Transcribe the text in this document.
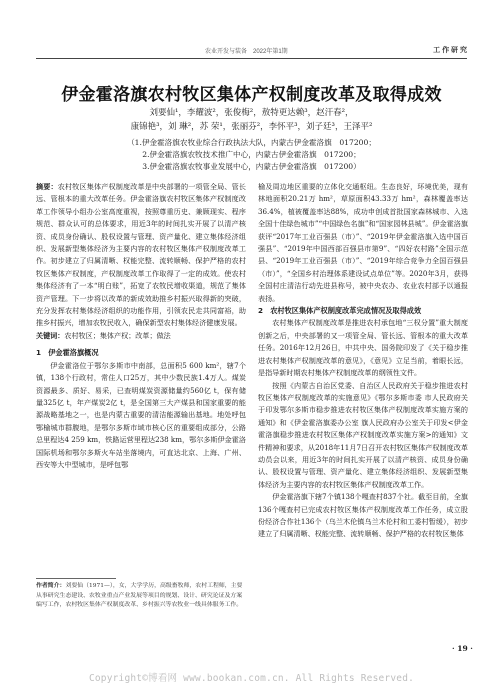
农业开发与装备　2022年第1期	工 作 研 究
伊金霍洛旗农村牧区集体产权制度改革及取得成效
刘要仙¹，李耀波²，张俊梅²，敖特更达赖³，赵汗春²，
康锦艳³，刘 琳²，苏 荣¹，张丽芬²，李怀平³，刘子廷³，王泽平²
（1.伊金霍洛旗农牧业综合行政执法大队，内蒙古伊金霍洛旗　017200；
2.伊金霍洛旗农牧技术推广中心，内蒙古伊金霍洛旗　017200；
3.伊金霍洛旗农牧事业发展中心，内蒙古伊金霍洛旗　017200）

摘要：农村牧区集体产权制度改革是中央部署的一项管全局、管长远、管根本的重大改革任务。伊金霍洛旗农村牧区集体产权制度改革工作领导小组办公室高度重视，按照尊重历史、兼顾现实、程序规范、群众认可的总体要求，用近3年的时间扎实开展了以清产核资、成员身份确认、股权设置与管理、资产量化、建立集体经济组织、发展新型集体经济为主要内容的农村牧区集体产权制度改革工作。初步建立了归属清晰、权能完整、流转顺畅、保护严格的农村牧区集体产权制度，产权制度改革工作取得了一定的成效。使农村集体经济有了一本“明白账”，拓宽了农牧民增收渠道，规范了集体资产管理。下一步将以改革的新成效助推乡村振兴取得新的突破，充分发挥农村集体经济组织的功能作用，引领农民走共同富裕，助推乡村振兴，增加农牧民收入，确保新型农村集体经济健康发展。

关键词：农村牧区；集体产权；改革；做法

1　伊金霍洛旗概况

伊金霍洛位于鄂尔多斯市中南部，总面积5 600 km²，辖7个镇，138个行政村，常住人口25万，其中少数民族1.4万人。煤炭资源最多、质好、易采，已查明煤炭资源储量约560亿 t，保有储量325亿 t，年产煤炭2亿 t，是全国第三大产煤县和国家重要的能源战略基地之一，也是内蒙古重要的清洁能源输出基地。地处呼包鄂榆城市群腹地，是鄂尔多斯市域市核心区的重要组成部分，公路总里程达4 259 km，铁路运营里程达238 km，鄂尔多斯伊金霍洛国际机场和鄂尔多斯火车站坐落境内，可直达北京、上海、广州、西安等大中型城市，是呼包鄂

榆及周边地区重要的立体化交通枢纽。生态良好，环境优美，现有林地面积20.21万 hm²，草原面积43.33万 hm²，森林覆盖率达36.4%，植被覆盖率达88%，成功申创成首批国家森林城市、入选全国十佳绿色城市”“中国绿色名旗”和“国家园林县城”。伊金霍洛旗获评“2017年工业百强县（市）”、“2019年伊金霍洛旗入选中国百强县”、“2019年中国西部百强县市第9”、“四好农村路”全国示范县、“2019年工业百强县（市）”、“2019年综合竞争力全国百强县（市）”，“全国乡村治理体系建设试点单位”等。2020年3月，获得全国村庄清洁行动先进县称号，被中央农办、农业农村部予以通报表扬。

2　农村牧区集体产权制度改革完成情况及取得成效

农村集体产权制度改革是推进农村承包地“三权分置”重大制度创新之后，中央部署的又一项管全局、管长远、管根本的重大改革任务。2016年12月26日，中共中央、国务院印发了《关于稳步推进农村集体产权制度改革的意见》，《意见》立足当前，着眼长远，是指导新时期农村集体产权制度改革的纲领性文件。

按照《内蒙古自治区党委、自治区人民政府关于稳步推进农村牧区集体产权制度改革的实施意见》《鄂尔多斯市委 市人民政府关于印发鄂尔多斯市稳步推进农村牧区集体产权制度改革实施方案的通知》和《伊金霍洛旗委办公室 旗人民政府办公室关于印发<伊金霍洛旗稳步推进农村牧区集体产权制度改革实施方案>的通知》文件精神和要求，从2018年11月7日召开农村牧区集体产权制度改革动员会以来，用近3年的时间扎实开展了以清产核资、成员身份确认、股权设置与管理、资产量化、建立集体经济组织、发展新型集体经济为主要内容的农村牧区集体产权制度改革工作。

伊金霍洛旗下辖7个镇138个嘎查村837个社。截至目前，全旗136个嘎查村已完成农村牧区集体产权制度改革工作任务，成立股份经济合作社136个（乌兰木伦镇乌兰木伦村和工委村暂缓），初步建立了归属清晰、权能完整、流转顺畅、保护严格的农村牧区集体

作者简介：刘要仙（1971—），女，大学学历，高级畜牧师，农村工程师，主要从事研究生态建设、农牧业重点产业发展等项目的规划、设计、研究论证及方案编写工作，农村牧区集体产权制度改革、乡村振兴等农牧业一线具体服务工作。
· 19 ·
Copyright©博看网 www.bookan.com.cn. All Rights Reserved.
